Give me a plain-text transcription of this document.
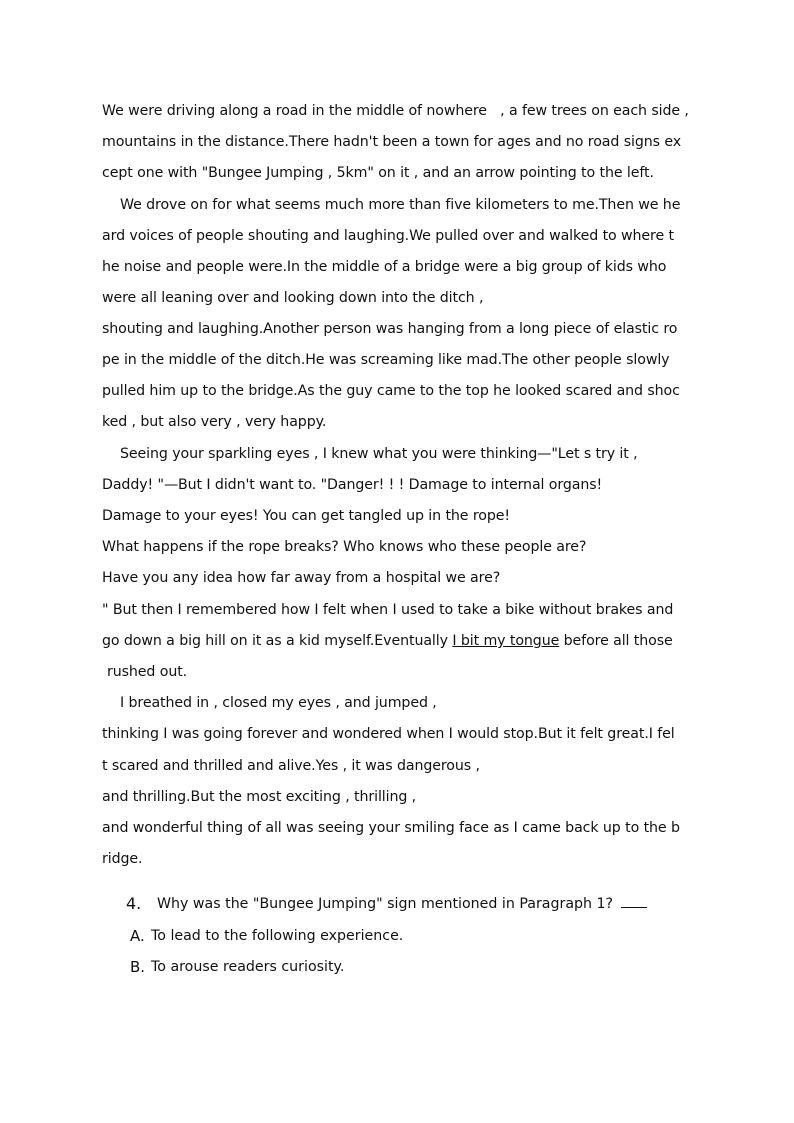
We were driving along a road in the middle of nowhere   , a few trees on each side ,
mountains in the distance.There hadn't been a town for ages and no road signs ex
cept one with "Bungee Jumping , 5km" on it , and an arrow pointing to the left.
We drove on for what seems much more than five kilometers to me.Then we he
ard voices of people shouting and laughing.We pulled over and walked to where t
he noise and people were.In the middle of a bridge were a big group of kids who
were all leaning over and looking down into the ditch ,
shouting and laughing.Another person was hanging from a long piece of elastic ro
pe in the middle of the ditch.He was screaming like mad.The other people slowly
pulled him up to the bridge.As the guy came to the top he looked scared and shoc
ked , but also very , very happy.
Seeing your sparkling eyes , I knew what you were thinking—"Let s try it ,
Daddy! "—But I didn't want to. "Danger! ! ! Damage to internal organs!
Damage to your eyes! You can get tangled up in the rope!
What happens if the rope breaks? Who knows who these people are?
Have you any idea how far away from a hospital we are?
" But then I remembered how I felt when I used to take a bike without brakes and
go down a big hill on it as a kid myself.Eventually I bit my tongue before all those
rushed out.
I breathed in , closed my eyes , and jumped ,
thinking I was going forever and wondered when I would stop.But it felt great.I fel
t scared and thrilled and alive.Yes , it was dangerous ,
and thrilling.But the most exciting , thrilling ,
and wonderful thing of all was seeing your smiling face as I came back up to the b
ridge.
4. Why was the "Bungee Jumping" sign mentioned in Paragraph 1?
A. To lead to the following experience.
B. To arouse readers curiosity.
